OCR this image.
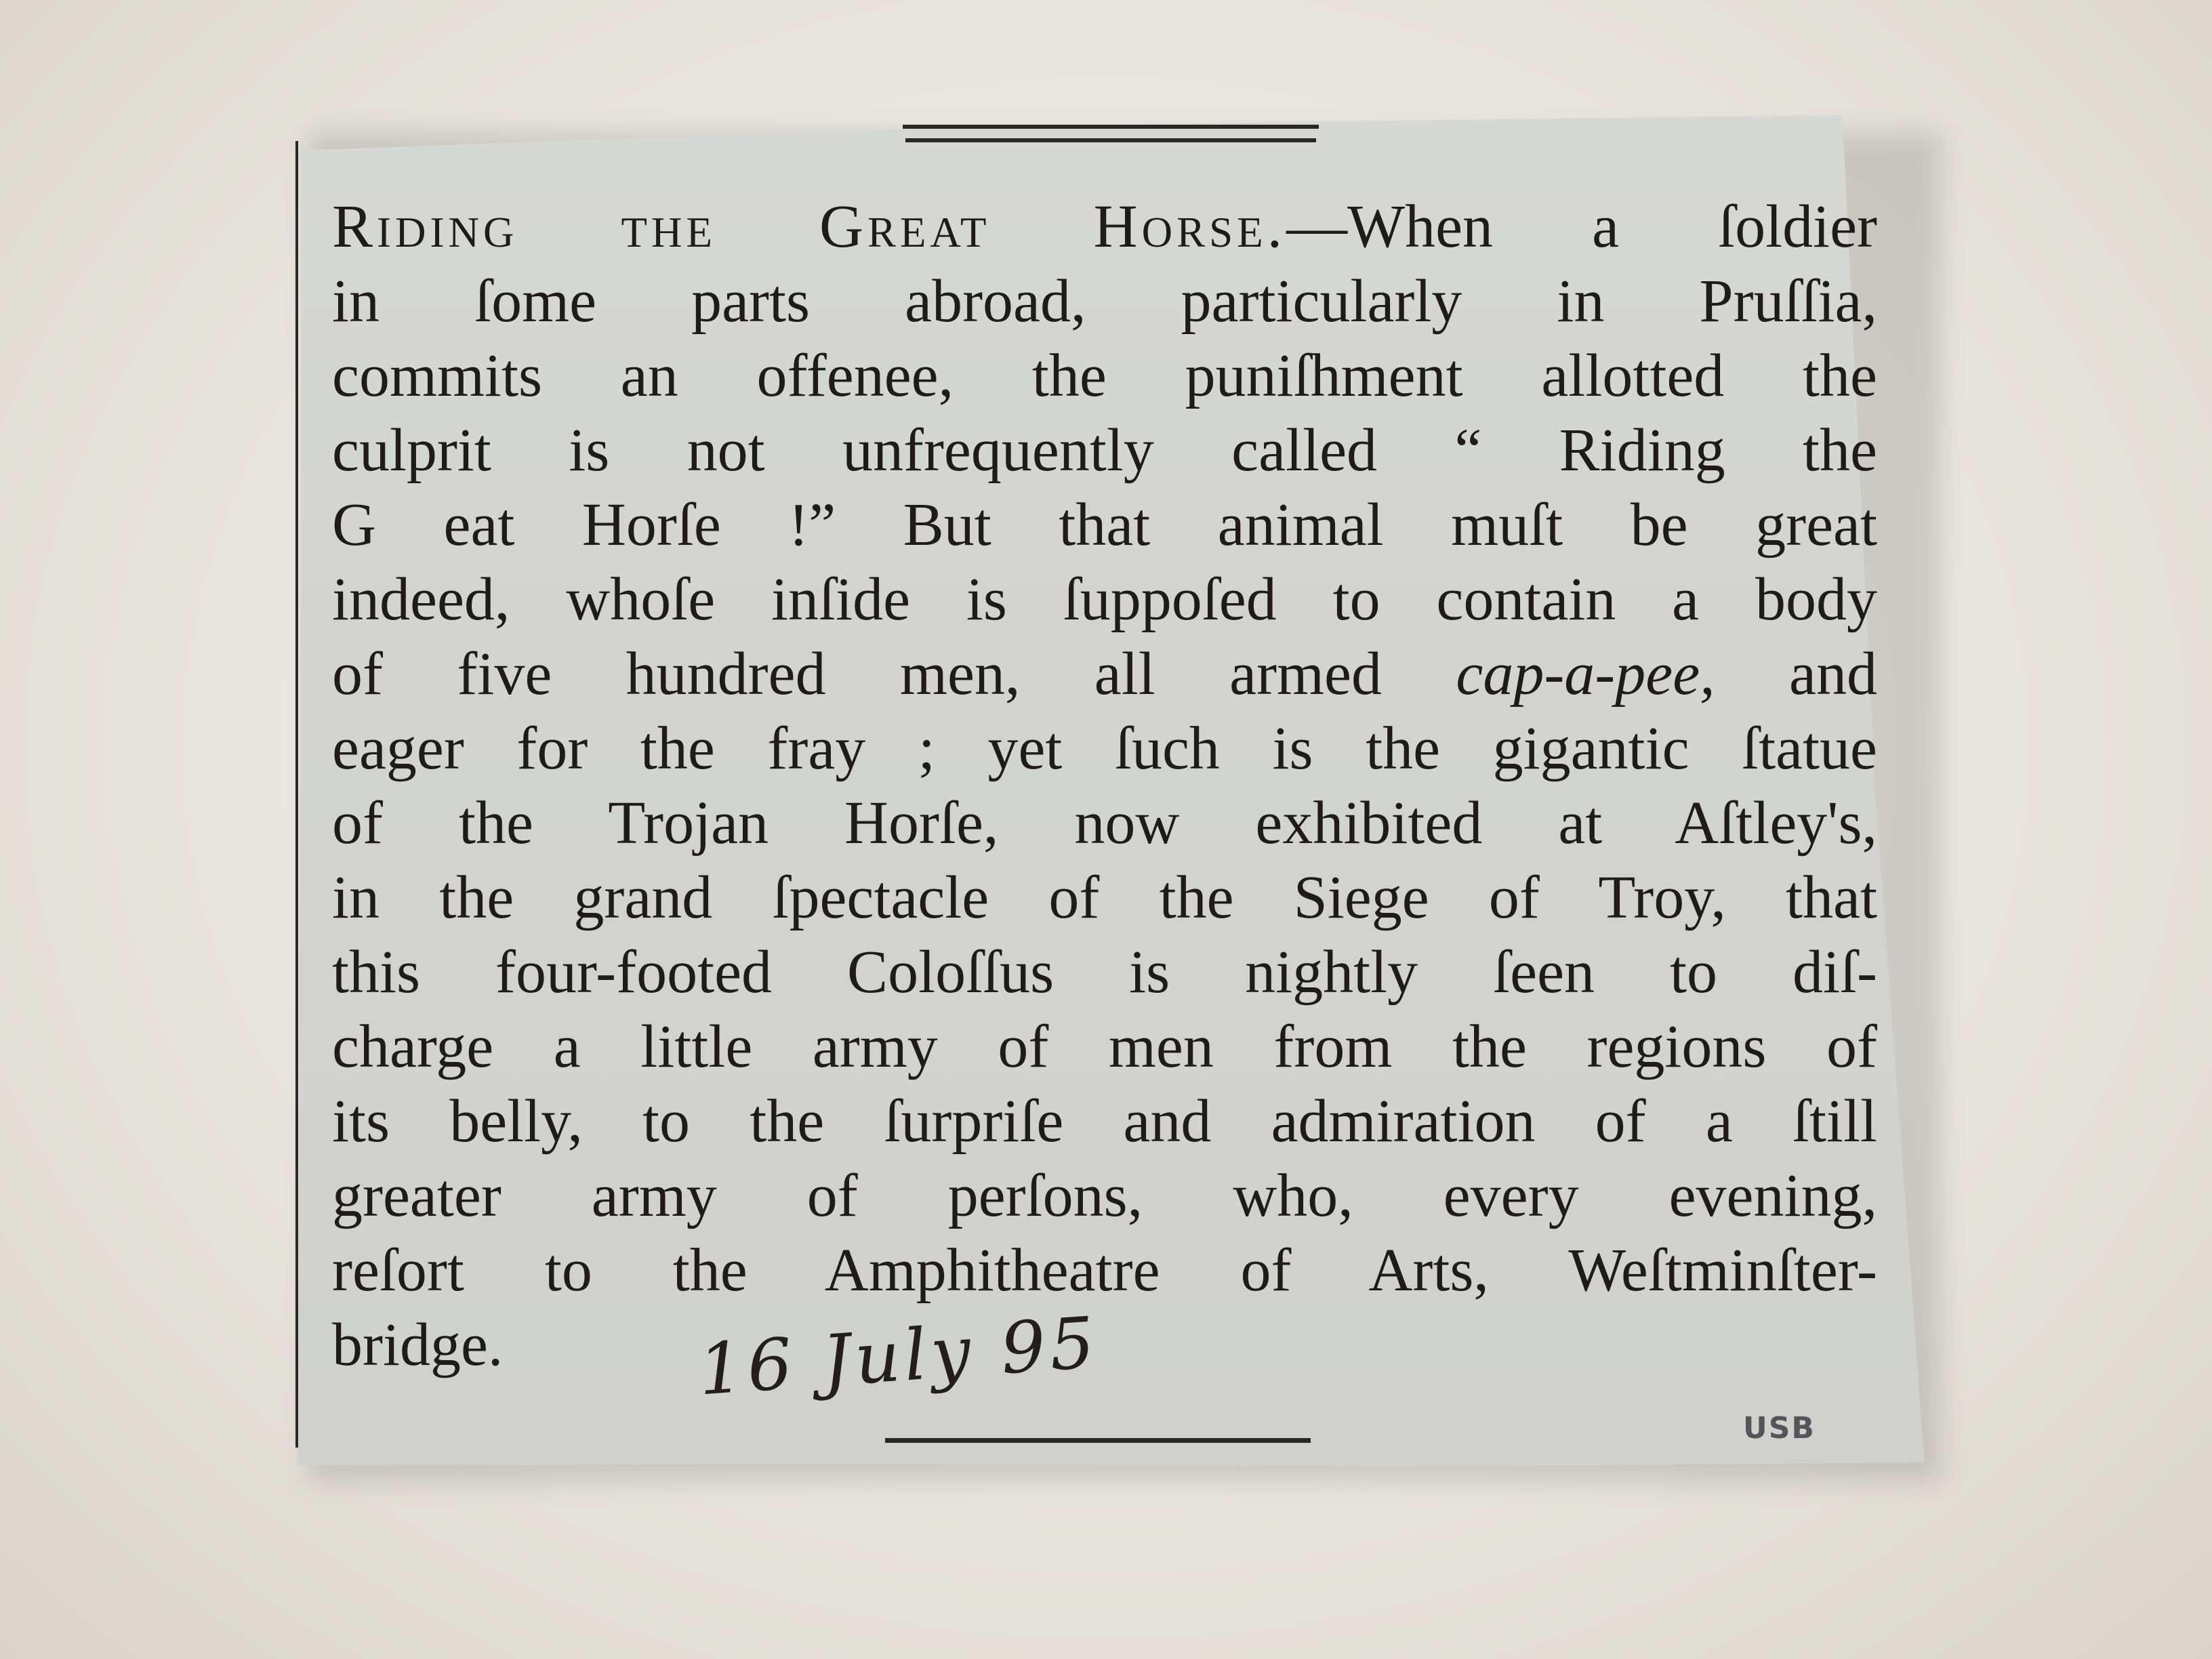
Riding the Great Horse.—When a ſoldier
in ſome parts abroad, particularly in Pruſſia,
commits an offenee, the puniſhment allotted the
culprit is not unfrequently called “ Riding the
G eat Horſe !” But that animal muſt be great
indeed, whoſe inſide is ſuppoſed to contain a body
of five hundred men, all armed cap-a-pee, and
eager for the fray ; yet ſuch is the gigantic ſtatue
of the Trojan Horſe, now exhibited at Aſtley's,
in the grand ſpectacle of the Siege of Troy, that
this four-footed Coloſſus is nightly ſeen to diſ-
charge a little army of men from the regions of
its belly, to the ſurpriſe and admiration of a ſtill
greater army of perſons, who, every evening,
reſort to the Amphitheatre of Arts, Weſtminſter-
bridge.	16 July 95
USB
